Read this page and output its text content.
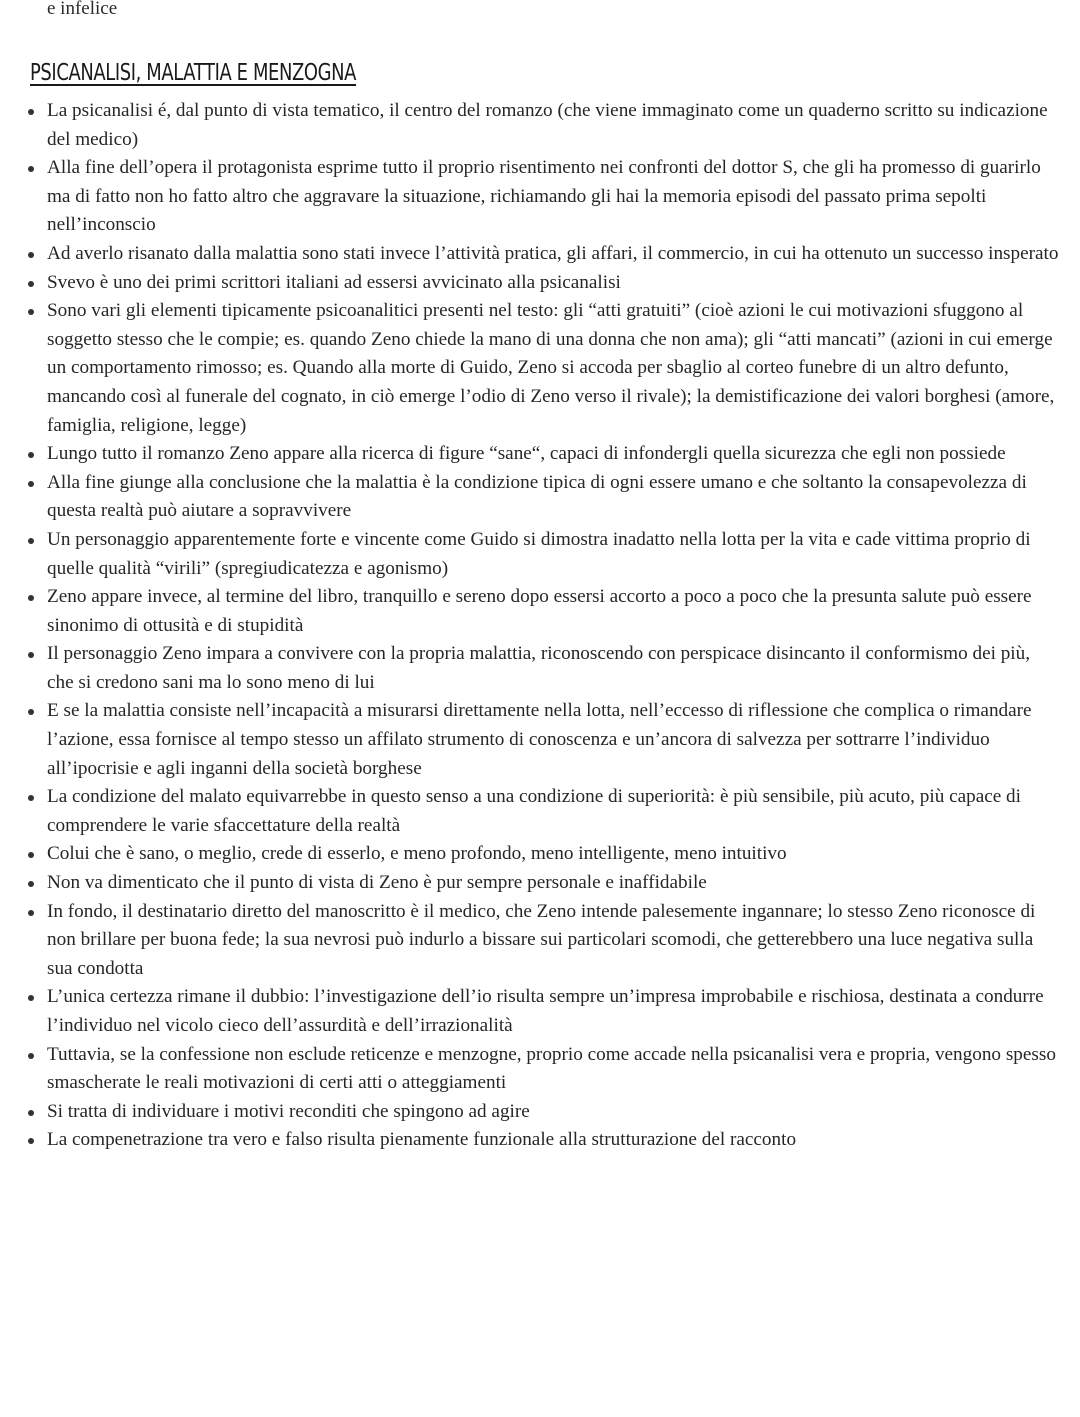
e infelice
PSICANALISI, MALATTIA E MENZOGNA
La psicanalisi é, dal punto di vista tematico, il centro del romanzo (che viene immaginato come un quaderno scritto su indicazione del medico)
Alla fine dell’opera il protagonista esprime tutto il proprio risentimento nei confronti del dottor S, che gli ha promesso di guarirlo ma di fatto non ho fatto altro che aggravare la situazione, richiamando gli hai la memoria episodi del passato prima sepolti nell’inconscio
Ad averlo risanato dalla malattia sono stati invece l’attività pratica, gli affari, il commercio, in cui ha ottenuto un successo insperato
Svevo è uno dei primi scrittori italiani ad essersi avvicinato alla psicanalisi
Sono vari gli elementi tipicamente psicoanalitici presenti nel testo: gli “atti gratuiti” (cioè azioni le cui motivazioni sfuggono al soggetto stesso che le compie; es. quando Zeno chiede la mano di una donna che non ama); gli “atti mancati” (azioni in cui emerge un comportamento rimosso; es. Quando alla morte di Guido, Zeno si accoda per sbaglio al corteo funebre di un altro defunto, mancando così al funerale del cognato, in ciò emerge l’odio di Zeno verso il rivale); la demistificazione dei valori borghesi (amore, famiglia, religione, legge)
Lungo tutto il romanzo Zeno appare alla ricerca di figure “sane“, capaci di infondergli quella sicurezza che egli non possiede
Alla fine giunge alla conclusione che la malattia è la condizione tipica di ogni essere umano e che soltanto la consapevolezza di questa realtà può aiutare a sopravvivere
Un personaggio apparentemente forte e vincente come Guido si dimostra inadatto nella lotta per la vita e cade vittima proprio di quelle qualità “virili” (spregiudicatezza e agonismo)
Zeno appare invece, al termine del libro, tranquillo e sereno dopo essersi accorto a poco a poco che la presunta salute può essere sinonimo di ottusità e di stupidità
Il personaggio Zeno impara a convivere con la propria malattia, riconoscendo con perspicace disincanto il conformismo dei più, che si credono sani ma lo sono meno di lui
E se la malattia consiste nell’incapacità a misurarsi direttamente nella lotta, nell’eccesso di riflessione che complica o rimandare l’azione, essa fornisce al tempo stesso un affilato strumento di conoscenza e un’ancora di salvezza per sottrarre l’individuo all’ipocrisie e agli inganni della società borghese
La condizione del malato equivarrebbe in questo senso a una condizione di superiorità: è più sensibile, più acuto, più capace di comprendere le varie sfaccettature della realtà
Colui che è sano, o meglio, crede di esserlo, e meno profondo, meno intelligente, meno intuitivo
Non va dimenticato che il punto di vista di Zeno è pur sempre personale e inaffidabile
In fondo, il destinatario diretto del manoscritto è il medico, che Zeno intende palesemente ingannare; lo stesso Zeno riconosce di non brillare per buona fede; la sua nevrosi può indurlo a bissare sui particolari scomodi, che getterebbero una luce negativa sulla sua condotta
L’unica certezza rimane il dubbio: l’investigazione dell’io risulta sempre un’impresa improbabile e rischiosa, destinata a condurre l’individuo nel vicolo cieco dell’assurdità e dell’irrazionalità
Tuttavia, se la confessione non esclude reticenze e menzogne, proprio come accade nella psicanalisi vera e propria, vengono spesso smascherate le reali motivazioni di certi atti o atteggiamenti
Si tratta di individuare i motivi reconditi che spingono ad agire
La compenetrazione tra vero e falso risulta pienamente funzionale alla strutturazione del racconto
